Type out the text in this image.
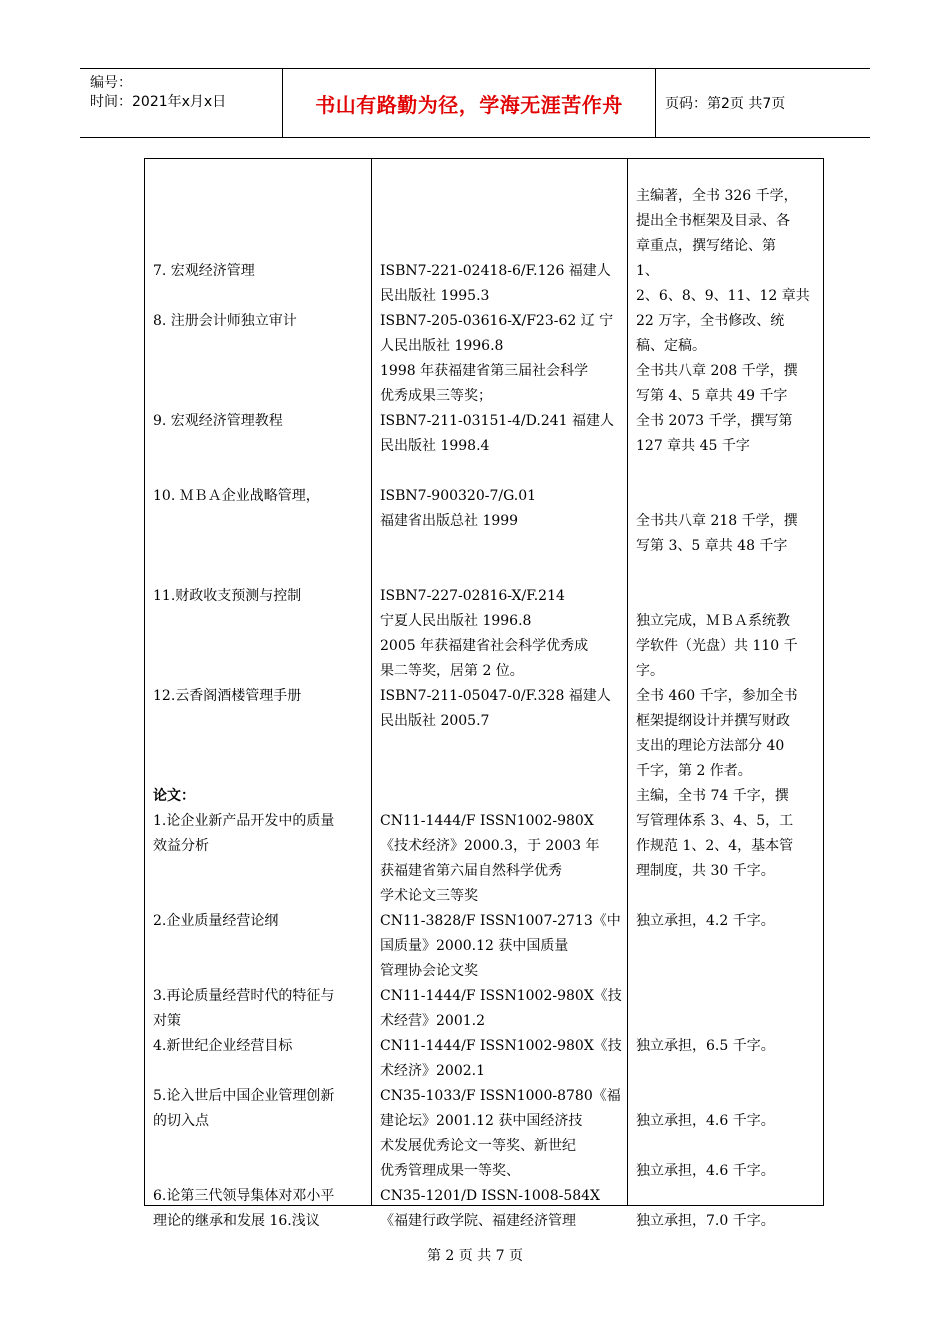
编号：
时间：2021年x月x日	书山有路勤为径，学海无涯苦作舟	页码：第2页 共7页
7. 宏观经济管理
8. 注册会计师独立审计
9. 宏观经济管理教程
10. ＭＢＡ企业战略管理，
11.财政收支预测与控制
12.云香阁酒楼管理手册
论文：
1.论企业新产品开发中的质量
效益分析
2.企业质量经营论纲
3.再论质量经营时代的特征与
对策
4.新世纪企业经营目标
5.论入世后中国企业管理创新
的切入点
6.论第三代领导集体对邓小平
理论的继承和发展 16.浅议
ISBN7-221-02418-6/F.126 福建人
民出版社 1995.3
ISBN7-205-03616-X/F23-62 辽 宁
人民出版社 1996.8
1998 年获福建省第三届社会科学
优秀成果三等奖；
ISBN7-211-03151-4/D.241 福建人
民出版社 1998.4
ISBN7-900320-7/G.01
福建省出版总社 1999
ISBN7-227-02816-X/F.214
宁夏人民出版社 1996.8
2005 年获福建省社会科学优秀成
果二等奖，居第 2 位。
ISBN7-211-05047-0/F.328 福建人
民出版社 2005.7
CN11-1444/F ISSN1002-980X
《技术经济》2000.3，于 2003 年
获福建省第六届自然科学优秀
学术论文三等奖
CN11-3828/F ISSN1007-2713《中
国质量》2000.12 获中国质量
管理协会论文奖
CN11-1444/F ISSN1002-980X《技
术经营》2001.2
CN11-1444/F ISSN1002-980X《技
术经济》2002.1
CN35-1033/F ISSN1000-8780《福
建论坛》2001.12 获中国经济技
术发展优秀论文一等奖、新世纪
优秀管理成果一等奖、
CN35-1201/D ISSN-1008-584X
《福建行政学院、福建经济管理
主编著，全书 326 千学，
提出全书框架及目录、各
章重点，撰写绪论、第
1、
2、6、8、9、11、12 章共
22 万字，全书修改、统
稿、定稿。
全书共八章 208 千学，撰
写第 4、5 章共 49 千字
全书 2073 千学，撰写第
127 章共 45 千字
全书共八章 218 千学，撰
写第 3、5 章共 48 千字
独立完成，ＭＢＡ系统教
学软件（光盘）共 110 千
字。
全书 460 千字，参加全书
框架提纲设计并撰写财政
支出的理论方法部分 40
千字，第 2 作者。
主编，全书 74 千字，撰
写管理体系 3、4、5，工
作规范 1、2、4，基本管
理制度，共 30 千字。
独立承担，4.2 千字。
独立承担，6.5 千字。
独立承担，4.6 千字。
独立承担，4.6 千字。
独立承担，7.0 千字。
第 2 页 共 7 页
